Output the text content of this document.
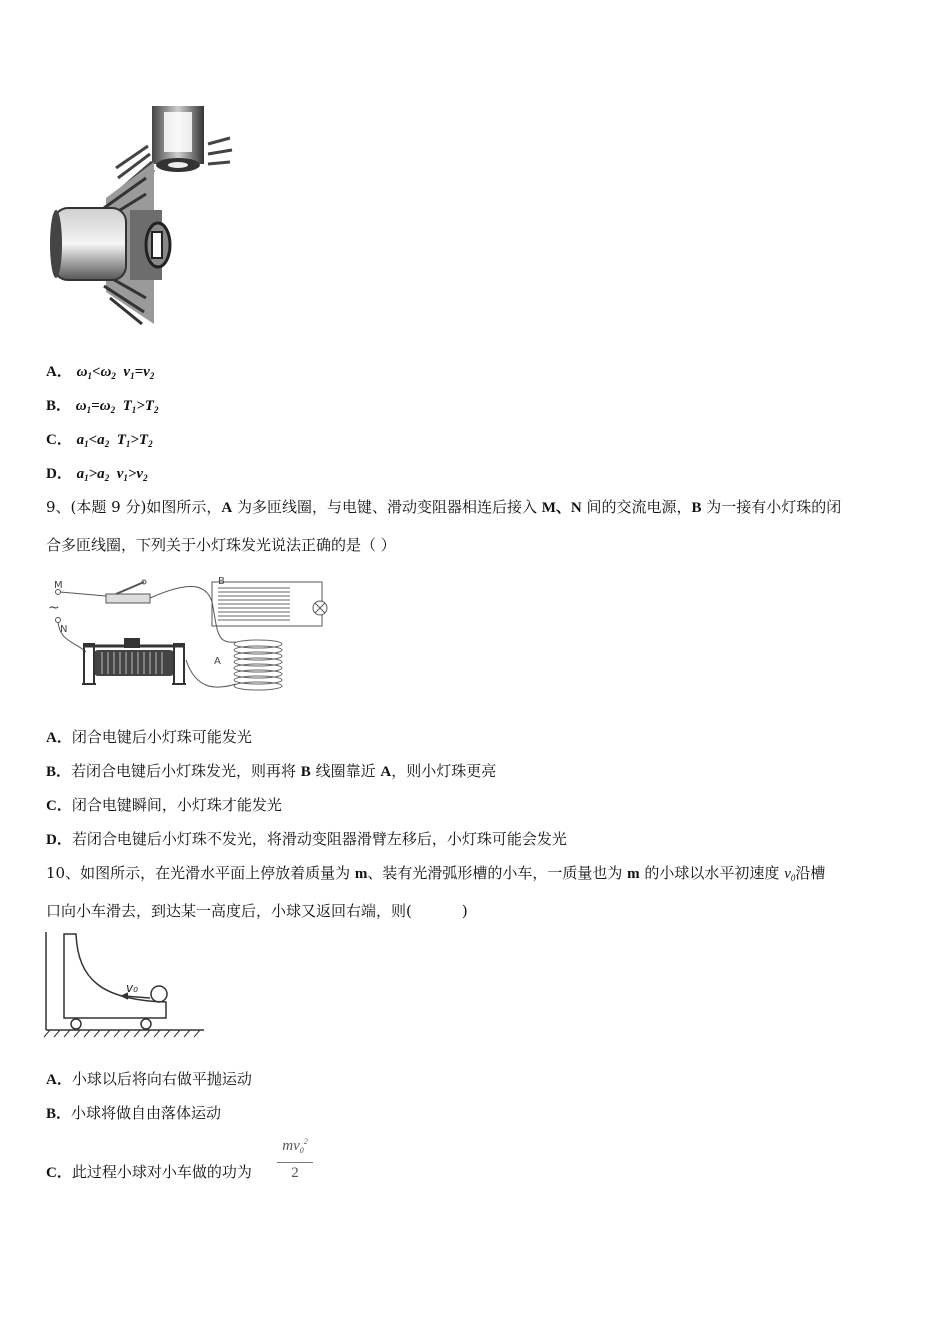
A． $\omega_1<\omega_2$ $v_1=v_2$
B． $\omega_1=\omega_2$ $T_1>T_2$
C． $a_1<a_2$ $T_1>T_2$
D． $a_1>a_2$ $v_1>v_2$
9、(本题 9 分)如图所示，A 为多匝线圈，与电键、滑动变阻器相连后接入 M、N 间的交流电源，B 为一接有小灯珠的闭
合多匝线圈，下列关于小灯珠发光说法正确的是（ ）
M
~
N
B
A
A．闭合电键后小灯珠可能发光
B．若闭合电键后小灯珠发光，则再将 B 线圈靠近 A，则小灯珠更亮
C．闭合电键瞬间，小灯珠才能发光
D．若闭合电键后小灯珠不发光，将滑动变阻器滑臂左移后，小灯珠可能会发光
10、如图所示，在光滑水平面上停放着质量为 m、装有光滑弧形槽的小车，一质量也为 m 的小球以水平初速度 $v_0$沿槽
口向小车滑去，到达某一高度后，小球又返回右端，则(	)
v₀
A．小球以后将向右做平抛运动
B．小球将做自由落体运动
C．此过程小球对小车做的功为
$mv_0^2$
2
